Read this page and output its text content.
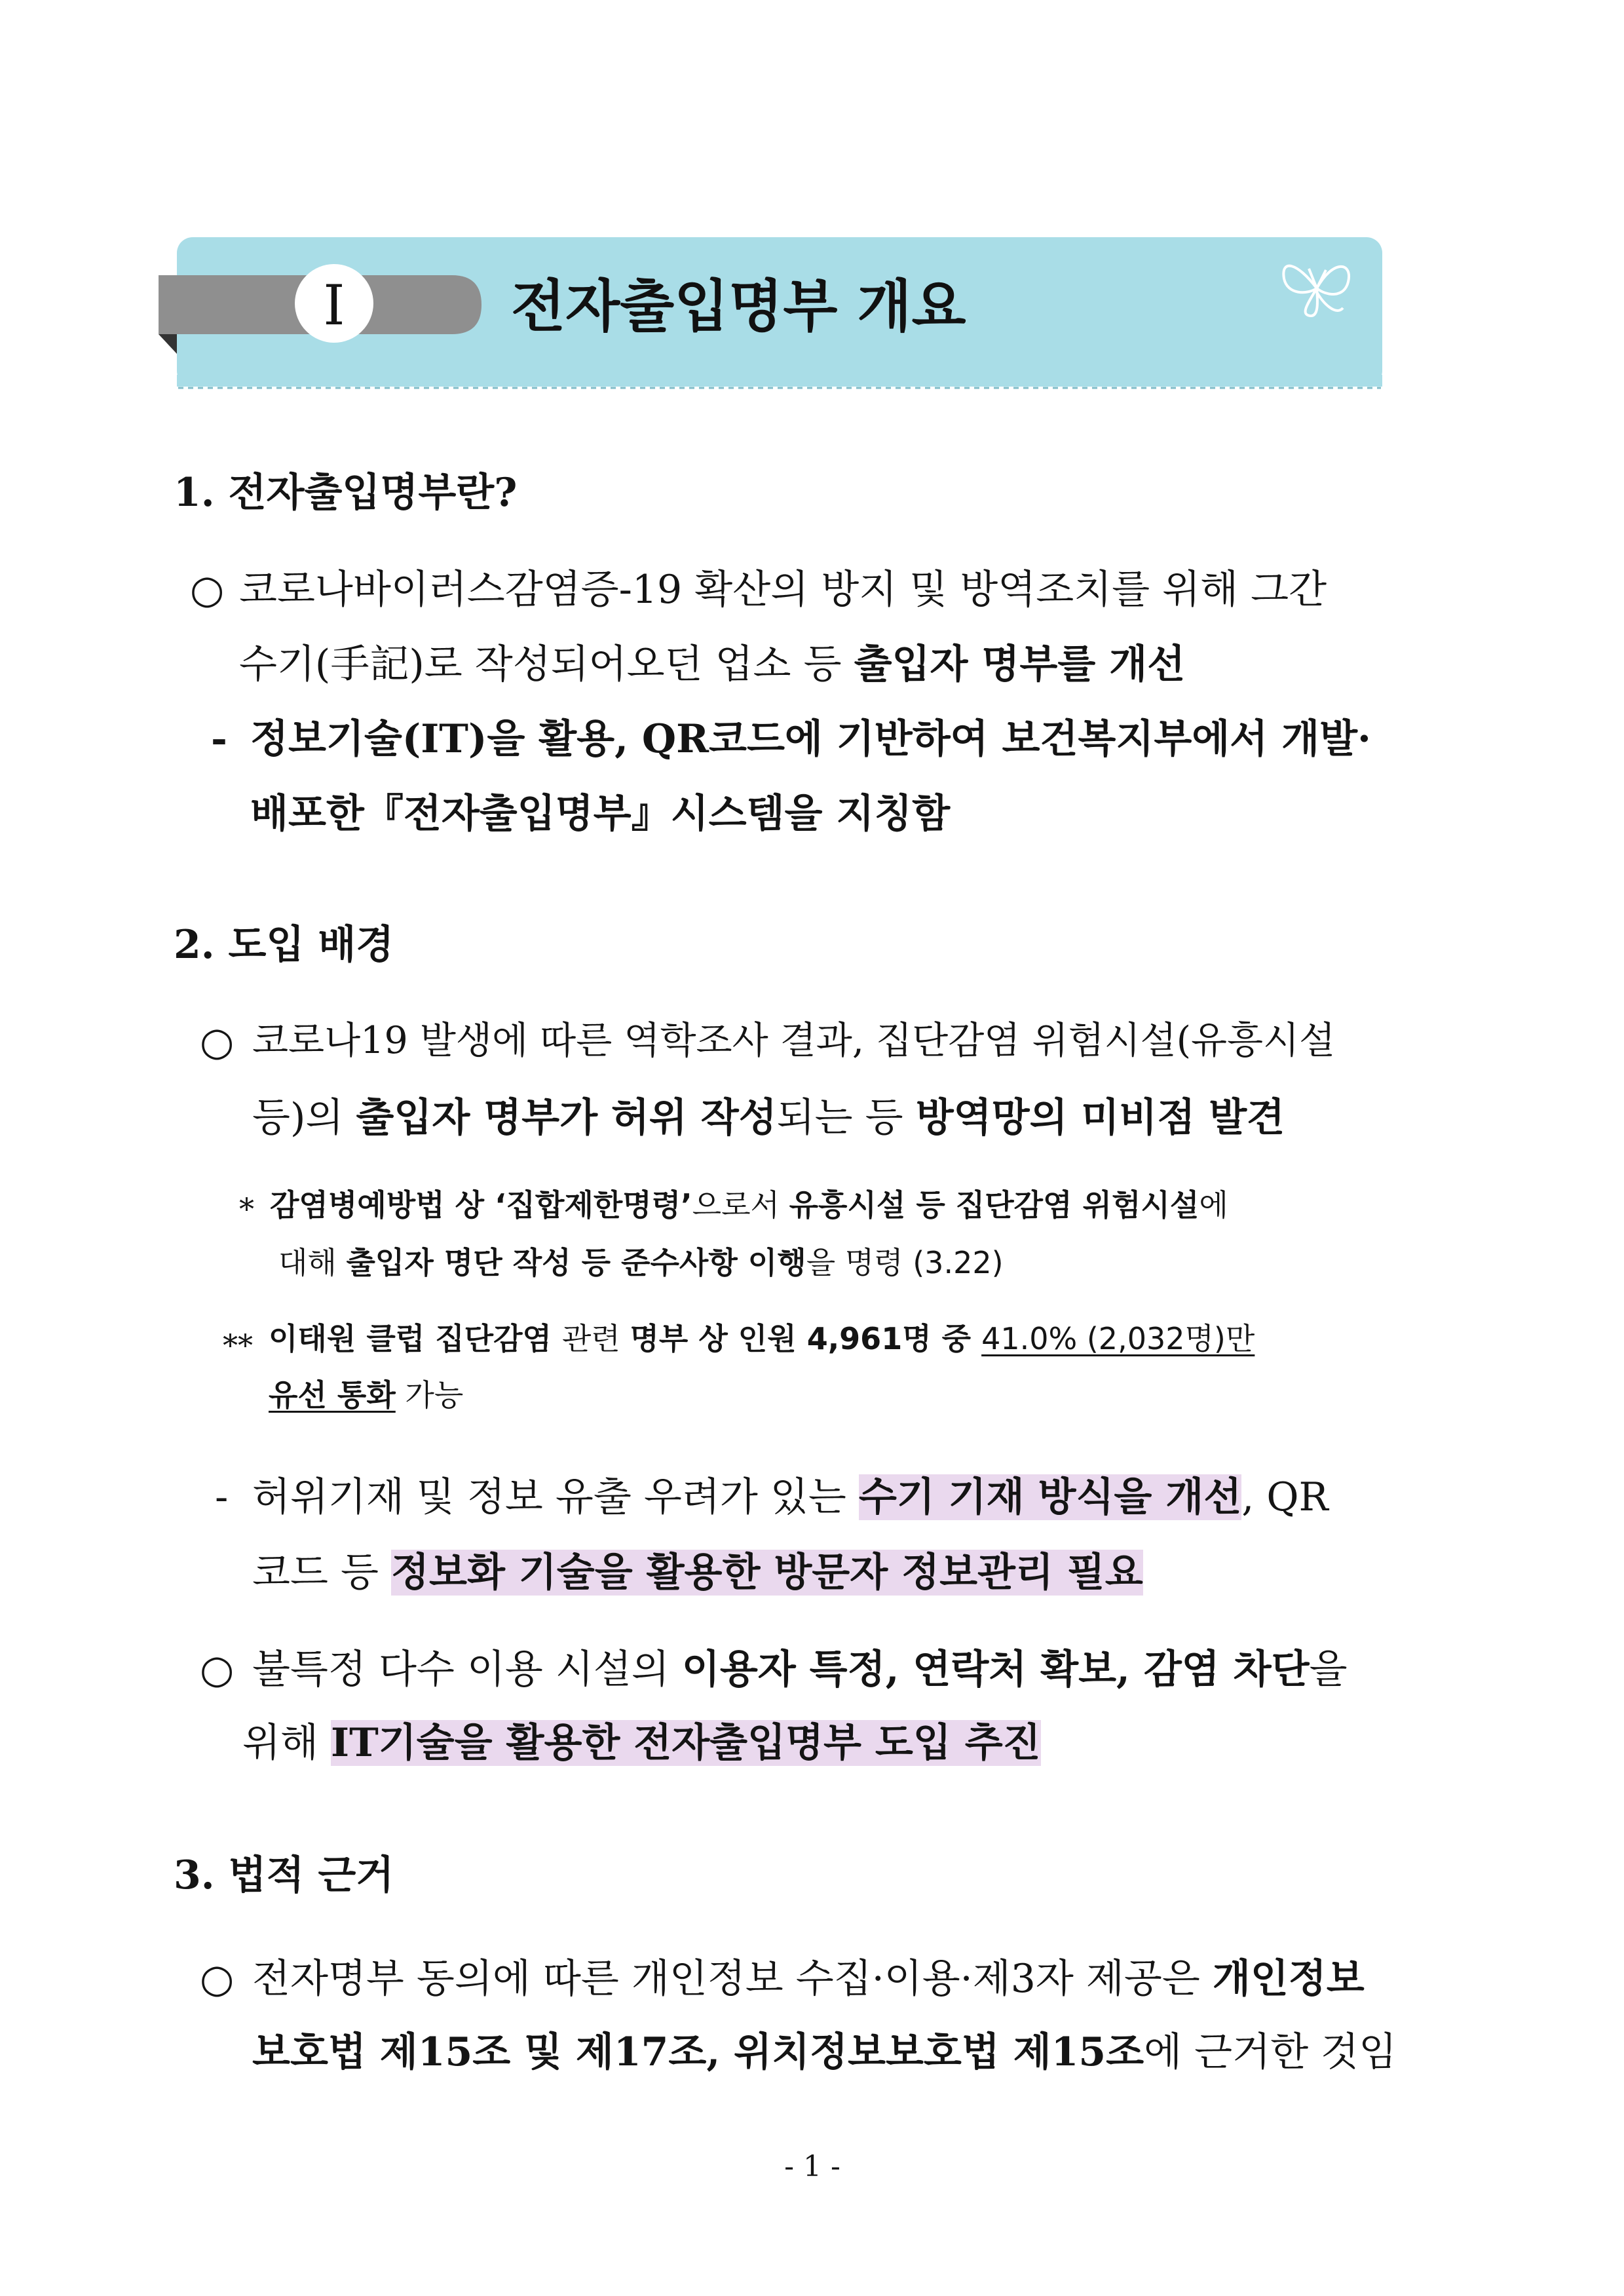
Ⅰ	전자출입명부 개요
1. 전자출입명부란?
○ 코로나바이러스감염증-19 확산의 방지 및 방역조치를 위해 그간
수기(手記)로 작성되어오던 업소 등 출입자 명부를 개선
- 정보기술(IT)을 활용, QR코드에 기반하여 보건복지부에서 개발·
배포한『전자출입명부』시스템을 지칭함
2. 도입 배경
○ 코로나19 발생에 따른 역학조사 결과, 집단감염 위험시설(유흥시설
등)의 출입자 명부가 허위 작성되는 등 방역망의 미비점 발견
* 감염병예방법 상 ‘집합제한명령’으로서 유흥시설 등 집단감염 위험시설에
대해 출입자 명단 작성 등 준수사항 이행을 명령 (3.22)
** 이태원 클럽 집단감염 관련 명부 상 인원 4,961명 중 41.0% (2,032명)만
유선 통화 가능
- 허위기재 및 정보 유출 우려가 있는 수기 기재 방식을 개선, QR
코드 등 정보화 기술을 활용한 방문자 정보관리 필요
○ 불특정 다수 이용 시설의 이용자 특정, 연락처 확보, 감염 차단을
위해 IT기술을 활용한 전자출입명부 도입 추진
3. 법적 근거
○ 전자명부 동의에 따른 개인정보 수집·이용·제3자 제공은 개인정보
보호법 제15조 및 제17조, 위치정보보호법 제15조에 근거한 것임
- 1 -
